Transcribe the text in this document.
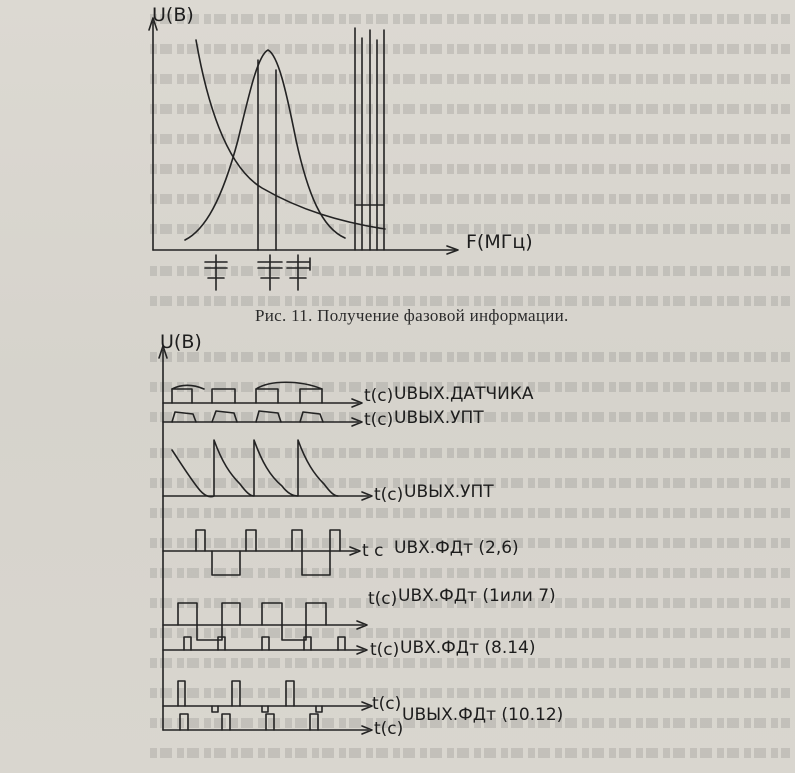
U(B)
F(МГц)
Рис. 11. Получение фазовой информации.
U(B)
t(c) UВЫХ.ДАТЧИКА
t(c) UВЫХ.УПТ
t(c) UВЫХ.УПТ
t c UВХ.ФДт (2,6)
t(c) UВХ.ФДт (1или 7)
t(c) UВХ.ФДт (8.14)
t(c)
UВЫХ.ФДт (10.12)
t(c)
